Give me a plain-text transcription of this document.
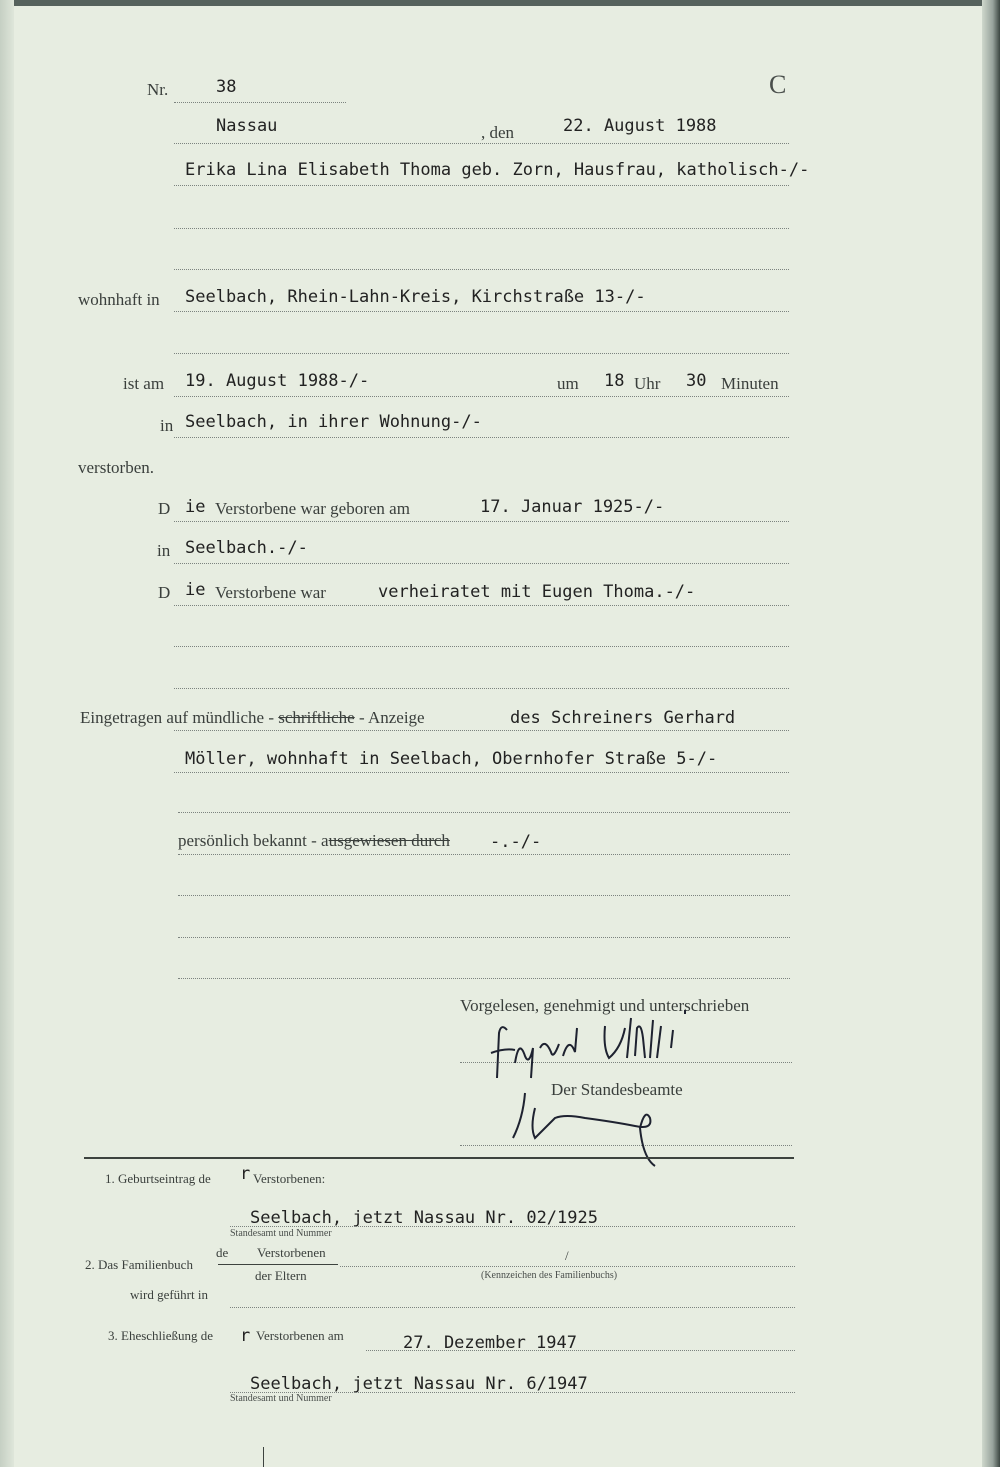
Nr.	38	C
Nassau	, den	22. August 1988
Erika Lina Elisabeth Thoma geb. Zorn, Hausfrau, katholisch-/-
wohnhaft in Seelbach, Rhein-Lahn-Kreis, Kirchstraße 13-/-
ist am 19. August 1988-/-	um 18 Uhr 30 Minuten
in Seelbach, in ihrer Wohnung-/-
verstorben.
D ie Verstorbene war geboren am	17. Januar 1925-/-
in Seelbach.-/-
D ie Verstorbene war	verheiratet mit Eugen Thoma.-/-
Eingetragen auf mündliche - schriftliche - Anzeige	des Schreiners Gerhard
Möller, wohnhaft in Seelbach, Obernhofer Straße 5-/-
persönlich bekannt - ausgewiesen durch -.-/-
Vorgelesen, genehmigt und unterschrieben
Der Standesbeamte
1. Geburtseintrag de r Verstorbenen:
Seelbach, jetzt Nassau Nr. 02/1925
Standesamt und Nummer
2. Das Familienbuch
de Verstorbenen
der Eltern
/
(Kennzeichen des Familienbuchs)
wird geführt in
3. Eheschließung de r Verstorbenen am	27. Dezember 1947
Seelbach, jetzt Nassau Nr. 6/1947
Standesamt und Nummer
